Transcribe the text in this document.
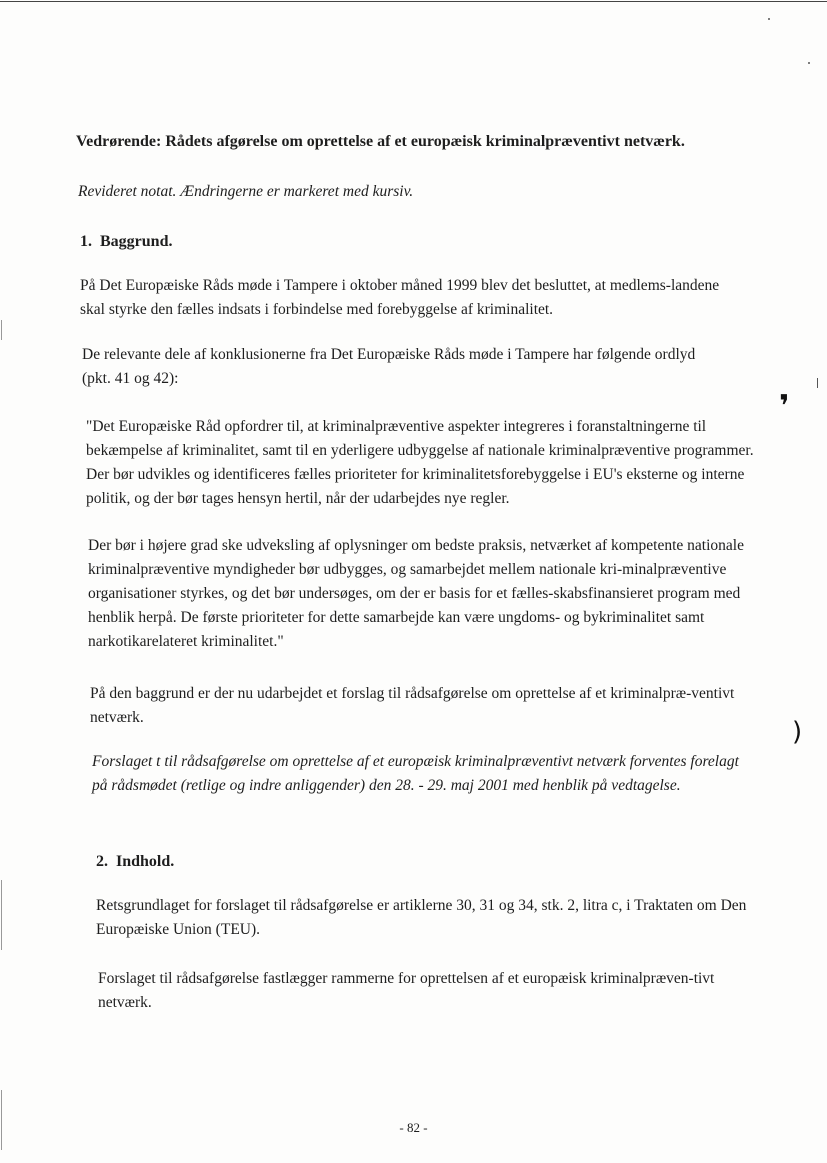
❜
)
Vedrørende: Rådets afgørelse om oprettelse af et europæisk kriminalpræventivt netværk.
Revideret notat. Ændringerne er markeret med kursiv.
1. Baggrund.

På Det Europæiske Råds møde i Tampere i oktober måned 1999 blev det besluttet, at medlems-landene skal styrke den fælles indsats i forbindelse med forebyggelse af kriminalitet.

De relevante dele af konklusionerne fra Det Europæiske Råds møde i Tampere har følgende ordlyd (pkt. 41 og 42):

"Det Europæiske Råd opfordrer til, at kriminalpræventive aspekter integreres i foranstaltningerne til bekæmpelse af kriminalitet, samt til en yderligere udbyggelse af nationale kriminalpræventive programmer. Der bør udvikles og identificeres fælles prioriteter for kriminalitetsforebyggelse i EU's eksterne og interne politik, og der bør tages hensyn hertil, når der udarbejdes nye regler.

Der bør i højere grad ske udveksling af oplysninger om bedste praksis, netværket af kompetente nationale kriminalpræventive myndigheder bør udbygges, og samarbejdet mellem nationale kri-minalpræventive organisationer styrkes, og det bør undersøges, om der er basis for et fælles-skabsfinansieret program med henblik herpå. De første prioriteter for dette samarbejde kan være ungdoms- og bykriminalitet samt narkotikarelateret kriminalitet."

På den baggrund er der nu udarbejdet et forslag til rådsafgørelse om oprettelse af et kriminalpræ-ventivt netværk.

Forslaget t til rådsafgørelse om oprettelse af et europæisk kriminalpræventivt netværk forventes forelagt på rådsmødet (retlige og indre anliggender) den 28. - 29. maj 2001 med henblik på vedtagelse.

2. Indhold.

Retsgrundlaget for forslaget til rådsafgørelse er artiklerne 30, 31 og 34, stk. 2, litra c, i Traktaten om Den Europæiske Union (TEU).

Forslaget til rådsafgørelse fastlægger rammerne for oprettelsen af et europæisk kriminalpræven-tivt netværk.

- 82 -
